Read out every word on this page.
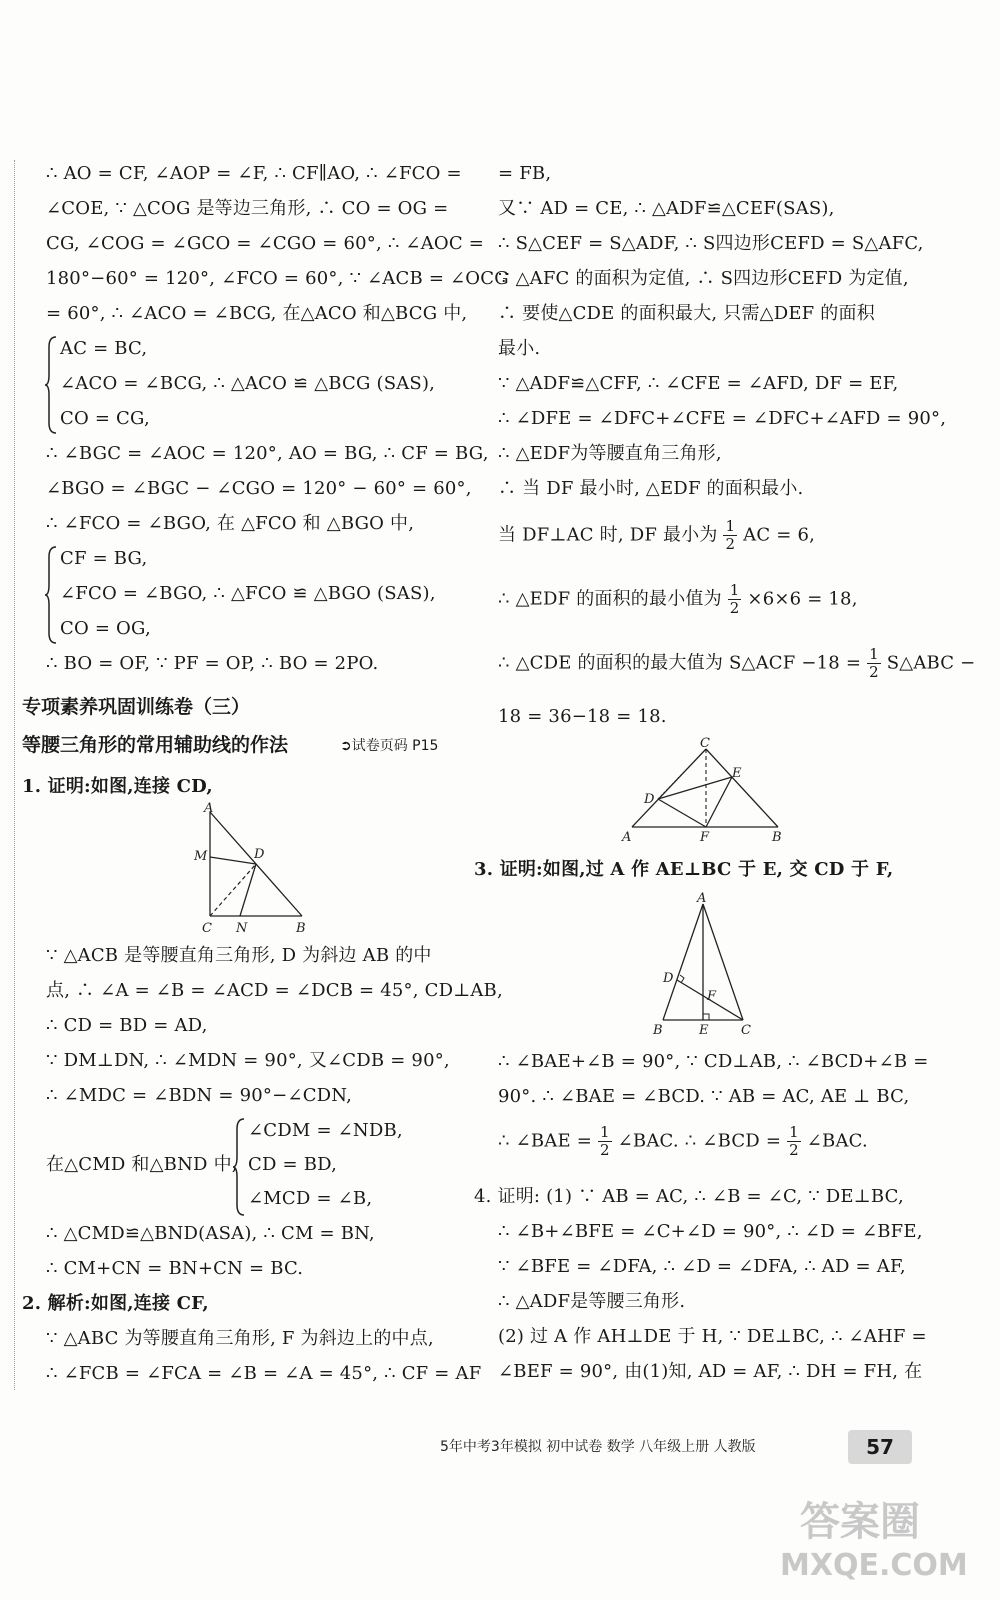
∴ AO = CF, ∠AOP = ∠F, ∴ CF∥AO, ∴ ∠FCO =
∠COE, ∵ △COG 是等边三角形, ∴ CO = OG =
CG, ∠COG = ∠GCO = ∠CGO = 60°, ∴ ∠AOC =
180°−60° = 120°, ∠FCO = 60°, ∵ ∠ACB = ∠OCG
= 60°, ∴ ∠ACO = ∠BCG, 在△ACO 和△BCG 中,
AC = BC,
∠ACO = ∠BCG, ∴ △ACO ≌ △BCG (SAS),
CO = CG,
∴ ∠BGC = ∠AOC = 120°, AO = BG, ∴ CF = BG,
∠BGO = ∠BGC − ∠CGO = 120° − 60° = 60°,
∴ ∠FCO = ∠BGO, 在 △FCO 和 △BGO 中,
CF = BG,
∠FCO = ∠BGO, ∴ △FCO ≌ △BGO (SAS),
CO = OG,
∴ BO = OF, ∵ PF = OP, ∴ BO = 2PO.
专项素养巩固训练卷（三）
等腰三角形的常用辅助线的作法	➲试卷页码 P15
1. 证明:如图,连接 CD,
A
M	D
C N	B
∵ △ACB 是等腰直角三角形, D 为斜边 AB 的中
点, ∴ ∠A = ∠B = ∠ACD = ∠DCB = 45°, CD⊥AB,
∴ CD = BD = AD,
∵ DM⊥DN, ∴ ∠MDN = 90°, 又∠CDB = 90°,
∴ ∠MDC = ∠BDN = 90°−∠CDN,
在△CMD 和△BND 中,
∠CDM = ∠NDB,
CD = BD,
∠MCD = ∠B,
∴ △CMD≌△BND(ASA), ∴ CM = BN,
∴ CM+CN = BN+CN = BC.
2. 解析:如图,连接 CF,
∵ △ABC 为等腰直角三角形, F 为斜边上的中点,
∴ ∠FCB = ∠FCA = ∠B = ∠A = 45°, ∴ CF = AF
= FB,
又∵ AD = CE, ∴ △ADF≌△CEF(SAS),
∴ S△CEF = S△ADF, ∴ S四边形CEFD = S△AFC,
∵ △AFC 的面积为定值, ∴ S四边形CEFD 为定值,
∴ 要使△CDE 的面积最大, 只需△DEF 的面积
最小.
∵ △ADF≌△CFF, ∴ ∠CFE = ∠AFD, DF = EF,
∴ ∠DFE = ∠DFC+∠CFE = ∠DFC+∠AFD = 90°,
∴ △EDF为等腰直角三角形,
∴ 当 DF 最小时, △EDF 的面积最小.
当 DF⊥AC 时, DF 最小为 $\frac{1}{2}$ AC = 6,
∴ △EDF 的面积的最小值为 $\frac{1}{2} \times 6\times 6 = 18$,
∴ △CDE 的面积的最大值为 S△ACF $-18 = \frac{1}{2}$ S△ABC −
18 = 36−18 = 18.
C
E
D
A	F	B
3. 证明:如图,过 A 作 AE⊥BC 于 E, 交 CD 于 F,
A
D
F
B	E	C
∴ ∠BAE+∠B = 90°, ∵ CD⊥AB, ∴ ∠BCD+∠B =
90°. ∴ ∠BAE = ∠BCD. ∵ AB = AC, AE ⊥ BC,
∴ ∠BAE = $\frac{1}{2}$ ∠BAC. ∴ ∠BCD = $\frac{1}{2}$ ∠BAC.
4. 证明: (1) ∵ AB = AC, ∴ ∠B = ∠C, ∵ DE⊥BC,
∴ ∠B+∠BFE = ∠C+∠D = 90°, ∴ ∠D = ∠BFE,
∵ ∠BFE = ∠DFA, ∴ ∠D = ∠DFA, ∴ AD = AF,
∴ △ADF是等腰三角形.
(2) 过 A 作 AH⊥DE 于 H, ∵ DE⊥BC, ∴ ∠AHF =
∠BEF = 90°, 由(1)知, AD = AF, ∴ DH = FH, 在
5年中考3年模拟 初中试卷 数学 八年级上册 人教版	57
答案圈
MXQE.COM
